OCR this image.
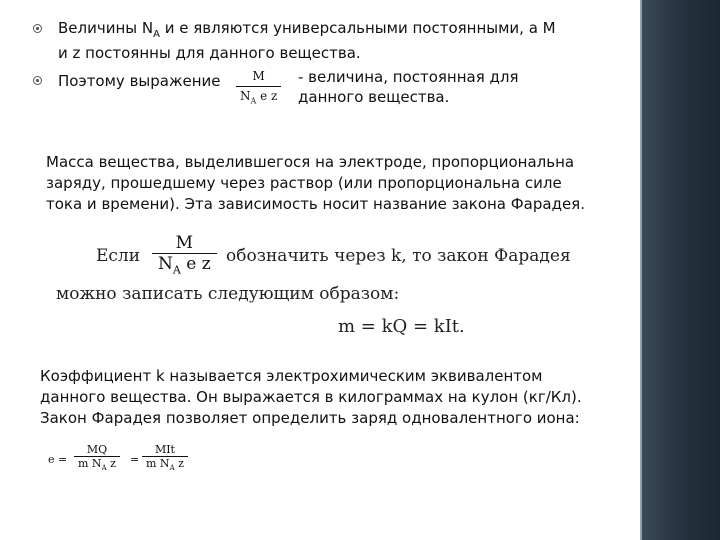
Величины $N_A$ и e являются универсальными постоянными, а M
и z постоянны для данного вещества.
Поэтому выражение $\frac{M}{N_A e z}$ - величина, постоянная для
данного вещества.
Масса вещества, выделившегося на электроде, пропорциональна
заряду, прошедшему через раствор (или пропорциональна силе
тока и времени). Эта зависимость носит название закона Фарадея.
Если $\frac{M}{N_A e z}$ обозначить через k, то закон Фарадея
можно записать следующим образом:
m = kQ = kIt.
Коэффициент k называется электрохимическим эквивалентом
данного вещества. Он выражается в килограммах на кулон (кг/Кл).
Закон Фарадея позволяет определить заряд одновалентного иона:
$e = \frac{MQ}{m N_A z}$ =
MIt
m $N_A$ z
